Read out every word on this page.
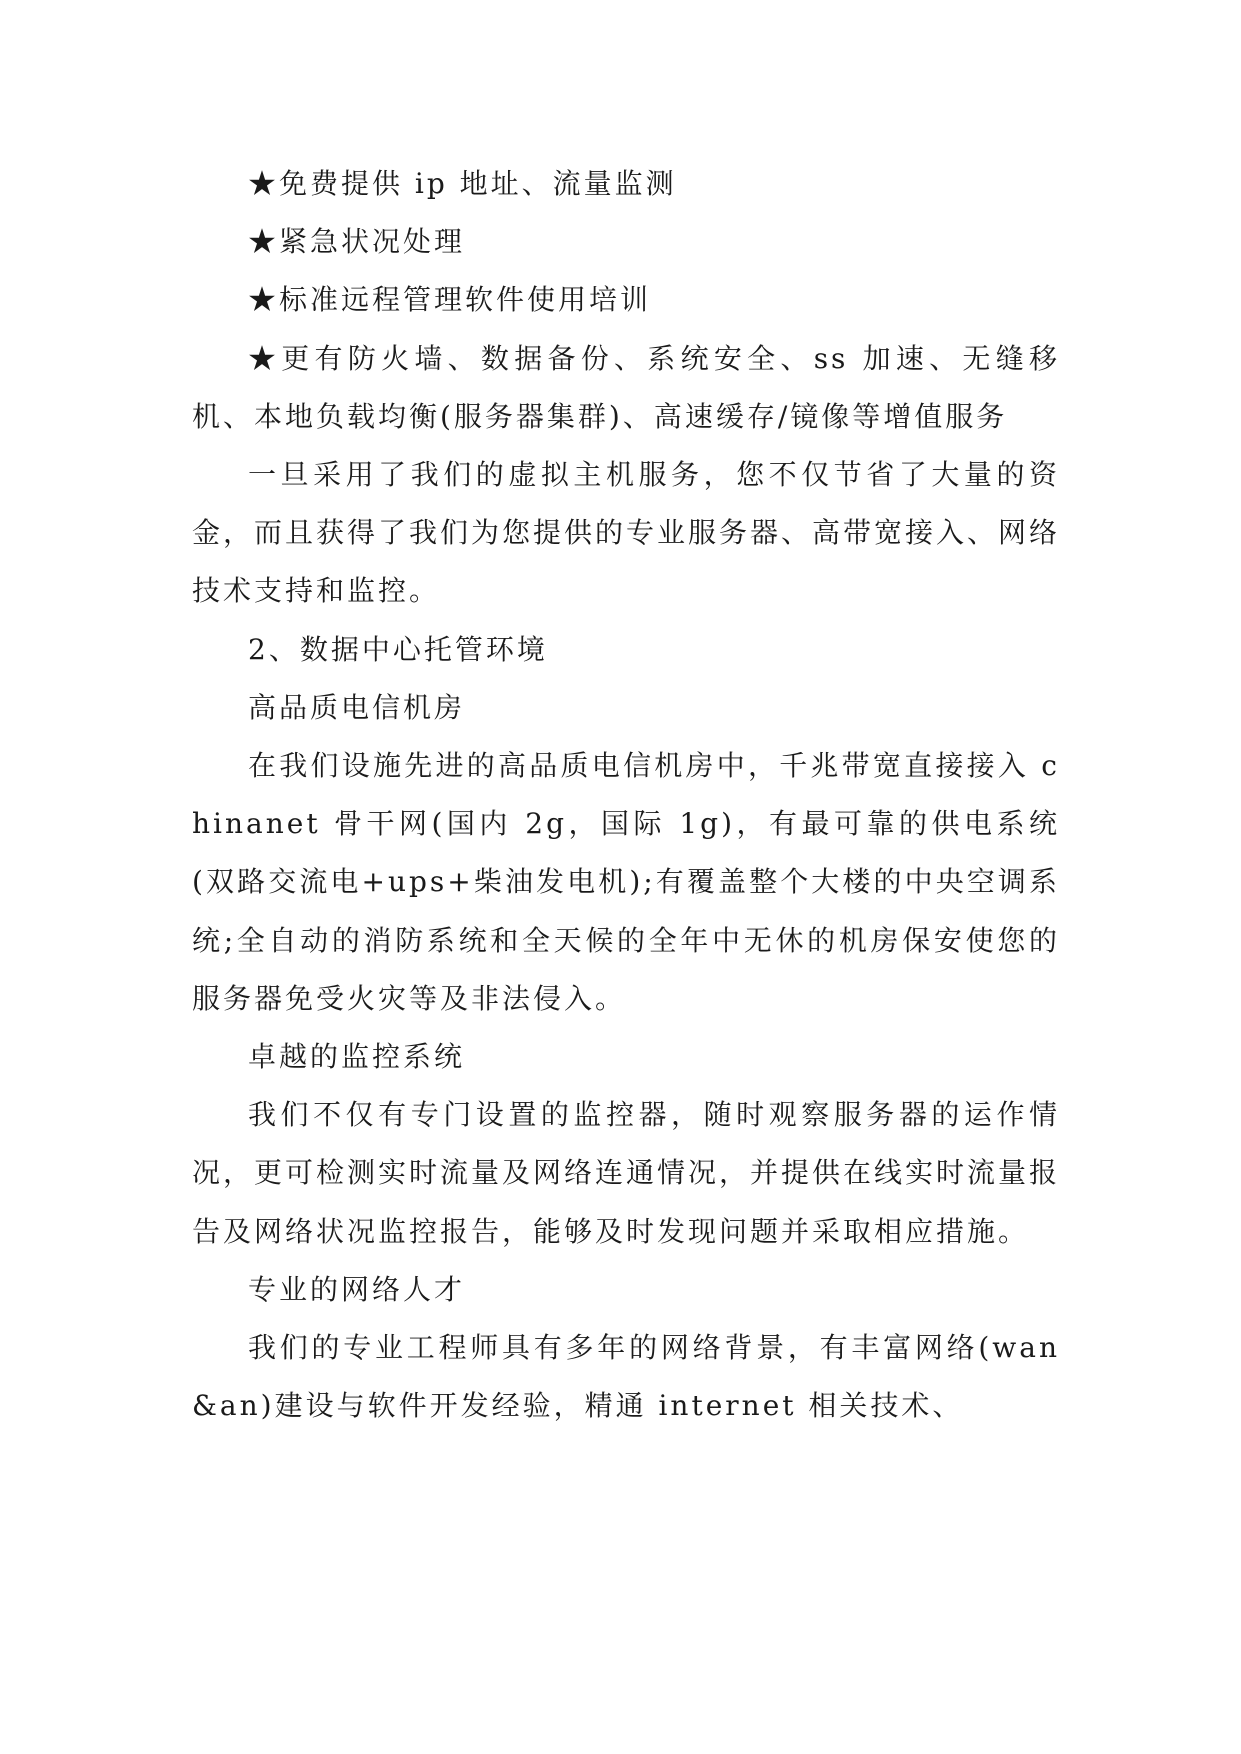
★免费提供 ip 地址、流量监测

★紧急状况处理

★标准远程管理软件使用培训

★更有防火墙、数据备份、系统安全、ss 加速、无缝移机、本地负载均衡(服务器集群)、高速缓存/镜像等增值服务

一旦采用了我们的虚拟主机服务，您不仅节省了大量的资金，而且获得了我们为您提供的专业服务器、高带宽接入、网络技术支持和监控。

2、数据中心托管环境

高品质电信机房

在我们设施先进的高品质电信机房中，千兆带宽直接接入 chinanet 骨干网(国内 2g，国际 1g)，有最可靠的供电系统(双路交流电+ups+柴油发电机);有覆盖整个大楼的中央空调系统;全自动的消防系统和全天候的全年中无休的机房保安使您的服务器免受火灾等及非法侵入。

卓越的监控系统

我们不仅有专门设置的监控器，随时观察服务器的运作情况，更可检测实时流量及网络连通情况，并提供在线实时流量报告及网络状况监控报告，能够及时发现问题并采取相应措施。

专业的网络人才

我们的专业工程师具有多年的网络背景，有丰富网络(wan&an)建设与软件开发经验，精通 internet 相关技术、
